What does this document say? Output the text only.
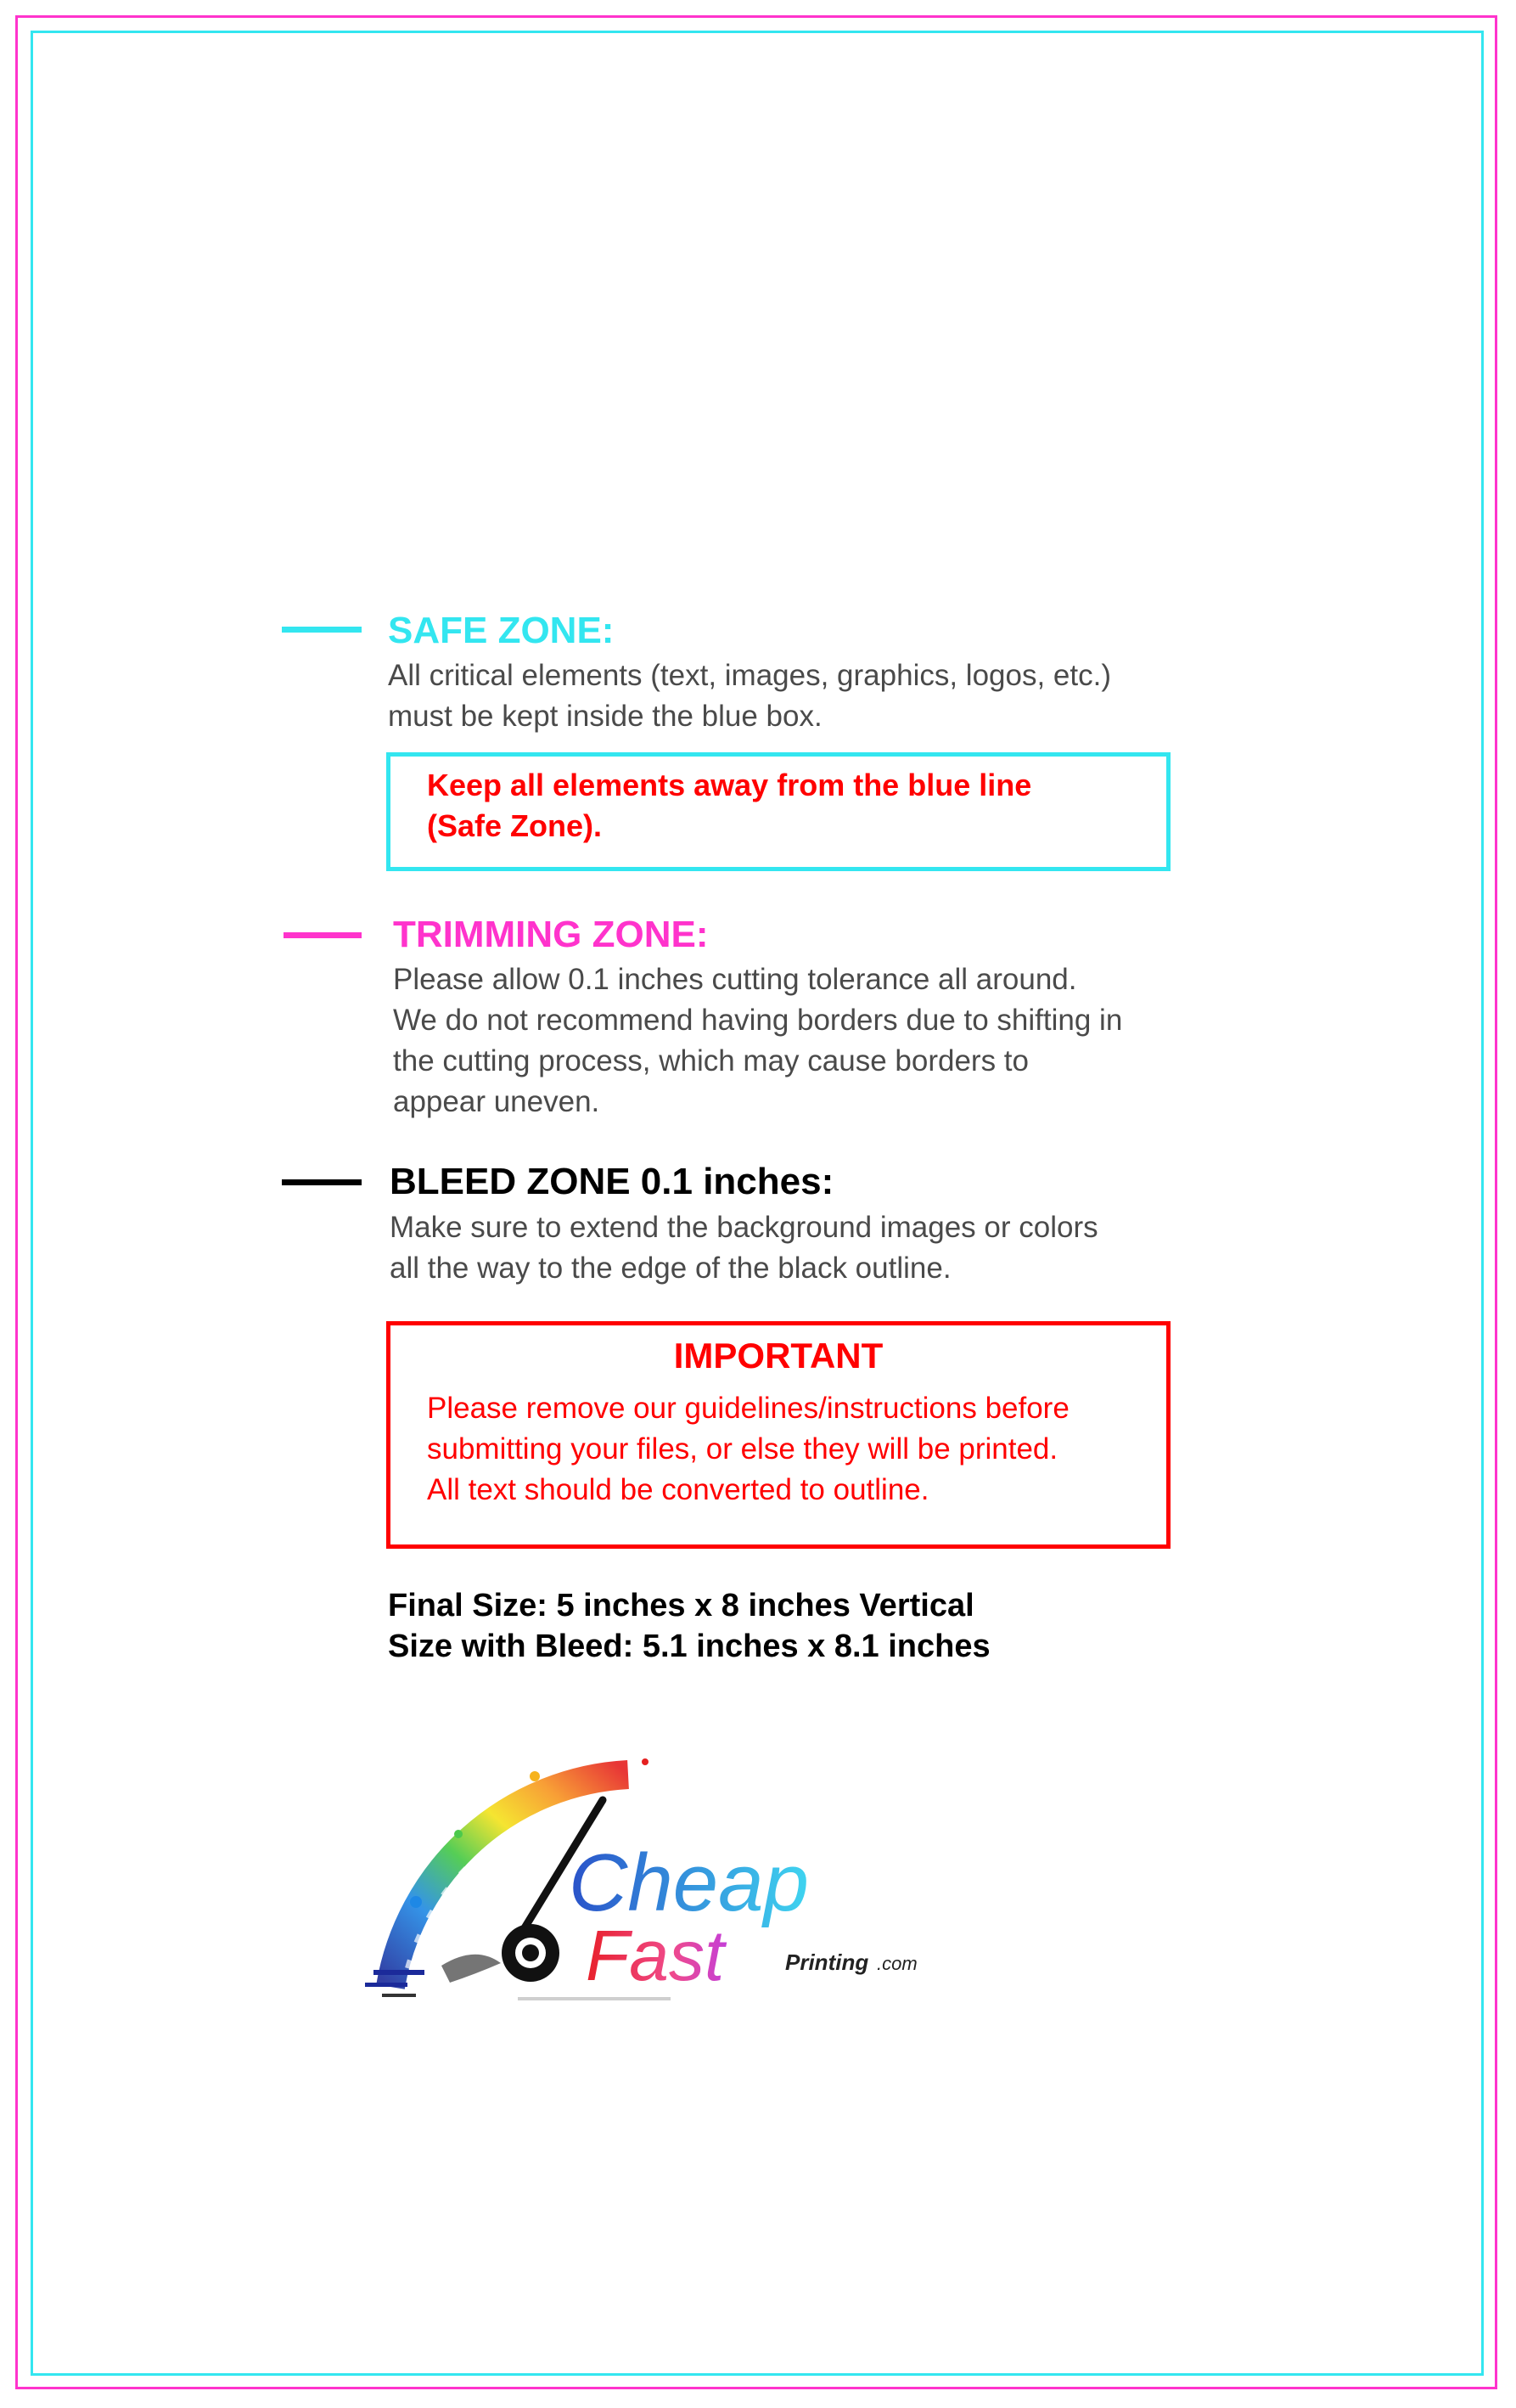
SAFE ZONE:
All critical elements (text, images, graphics, logos, etc.)
must be kept inside the blue box.
Keep all elements away from the blue line
(Safe Zone).
TRIMMING ZONE:
Please allow 0.1 inches cutting tolerance all around.
We do not recommend having borders due to shifting in
the cutting process, which may cause borders to
appear uneven.
BLEED ZONE 0.1 inches:
Make sure to extend the background images or colors
all the way to the edge of the black outline.
IMPORTANT
Please remove our guidelines/instructions before
submitting your files, or else they will be printed.
All text should be converted to outline.
Final Size: 5 inches x 8 inches Vertical
Size with Bleed: 5.1 inches x 8.1 inches
Cheap
Fast	Printing .com
